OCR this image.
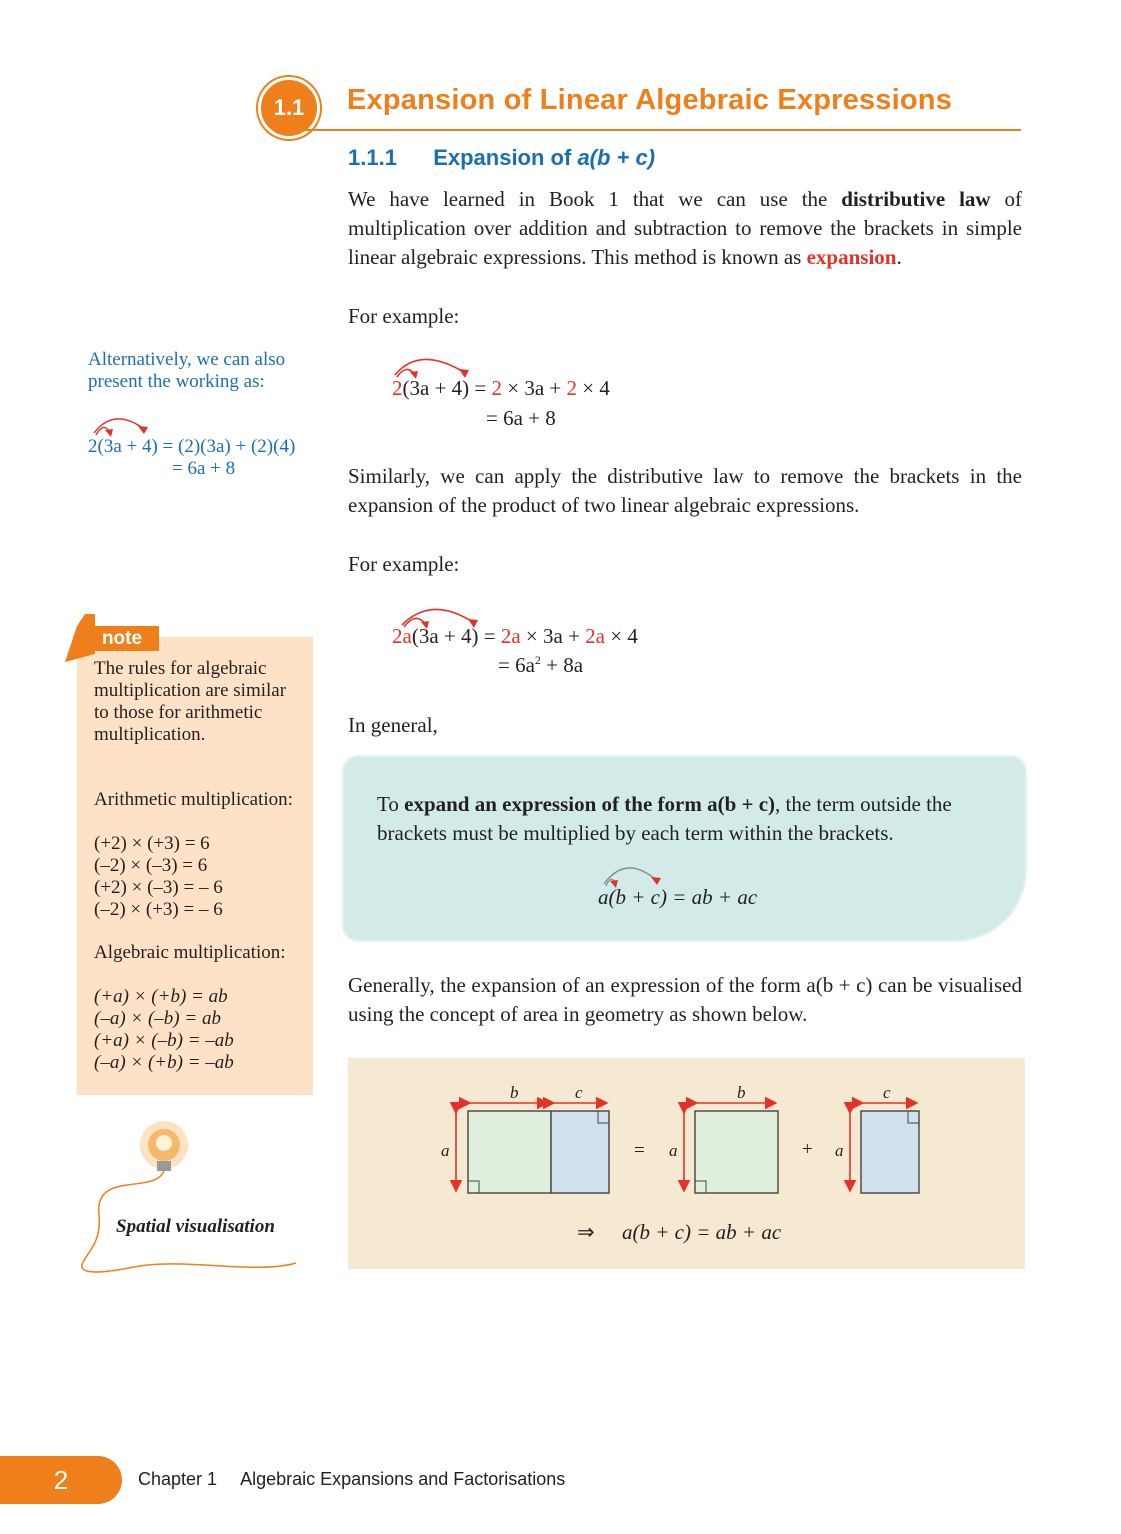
1.1 Expansion of Linear Algebraic Expressions
1.1.1 Expansion of a(b + c)
We have learned in Book 1 that we can use the distributive law of multiplication over addition and subtraction to remove the brackets in simple linear algebraic expressions. This method is known as expansion.
For example:
2(3a + 4) = 2 × 3a + 2 × 4
= 6a + 8
Alternatively, we can also present the working as:
2(3a + 4) = (2)(3a) + (2)(4)
= 6a + 8	Similarly, we can apply the distributive law to remove the brackets in the expansion of the product of two linear algebraic expressions.
For example:
2a(3a + 4) = 2a × 3a + 2a × 4
= $6a^2 + 8a$
In general,
To expand an expression of the form a(b + c), the term outside the brackets must be multiplied by each term within the brackets.
a(b + c) = ab + ac
Generally, the expansion of an expression of the form a(b + c) can be visualised using the concept of area in geometry as shown below.
note
The rules for algebraic multiplication are similar to those for arithmetic multiplication.
Arithmetic multiplication:
(+2) × (+3) = 6
(–2) × (–3) = 6
(+2) × (–3) = – 6
(–2) × (+3) = – 6
Algebraic multiplication:
(+a) × (+b) = ab
(–a) × (–b) = ab
(+a) × (–b) = –ab
(–a) × (+b) = –ab
Spatial visualisation
b	c
a	=
b
a	+
c
a
⇒ a(b + c) = ab + ac
2	Chapter 1 Algebraic Expansions and Factorisations
